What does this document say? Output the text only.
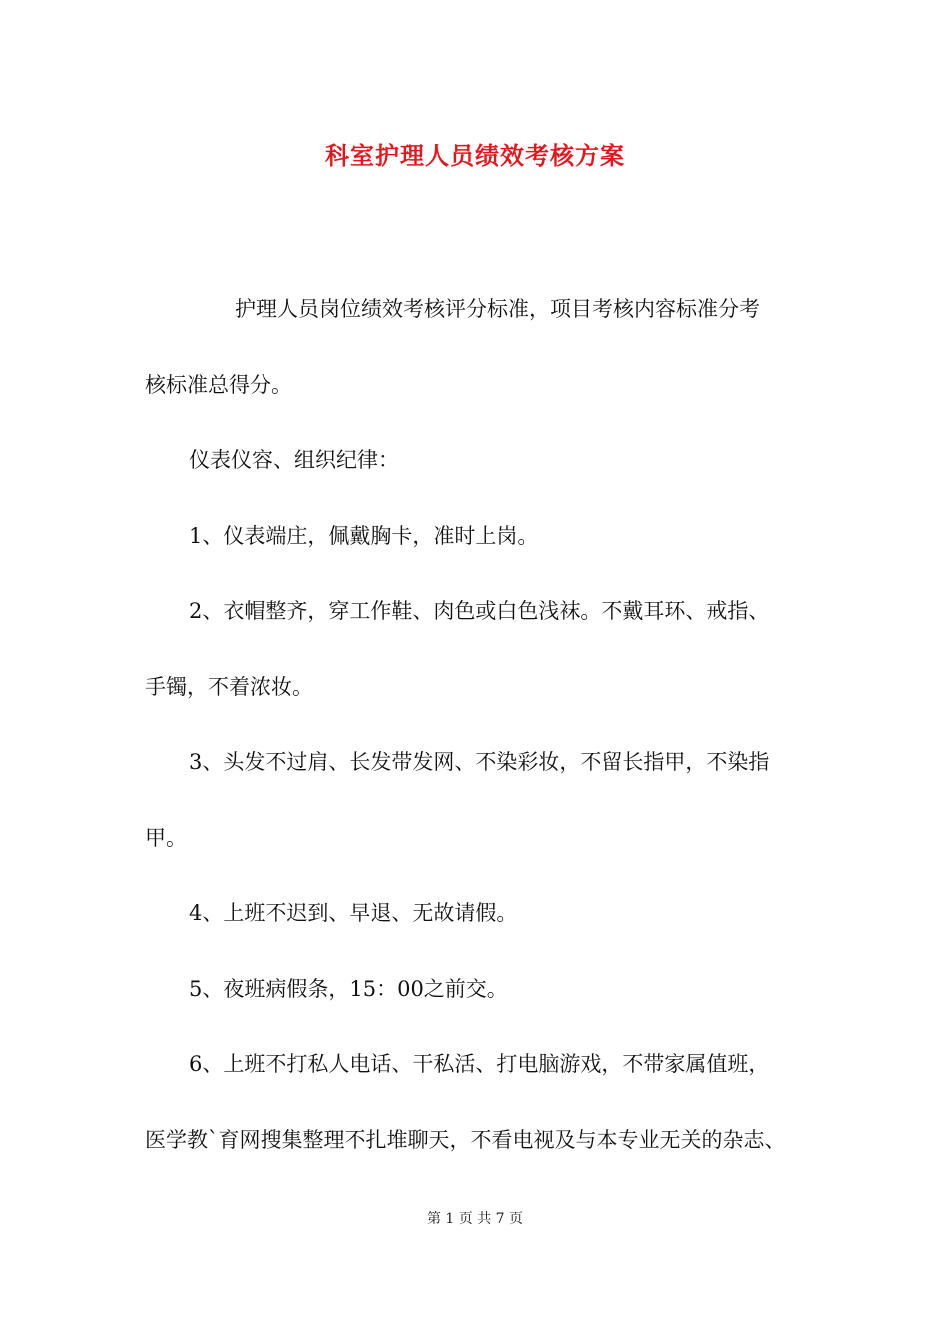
科室护理人员绩效考核方案

护理人员岗位绩效考核评分标准，项目考核内容标准分考

核标准总得分。

仪表仪容、组织纪律：

1、仪表端庄，佩戴胸卡，准时上岗。

2、衣帽整齐，穿工作鞋、肉色或白色浅袜。不戴耳环、戒指、

手镯，不着浓妆。

3、头发不过肩、长发带发网、不染彩妆，不留长指甲，不染指

甲。

4、上班不迟到、早退、无故请假。

5、夜班病假条，15：00之前交。

6、上班不打私人电话、干私活、打电脑游戏，不带家属值班，

医学教`育网搜集整理不扎堆聊天，不看电视及与本专业无关的杂志、

第 1 页 共 7 页
